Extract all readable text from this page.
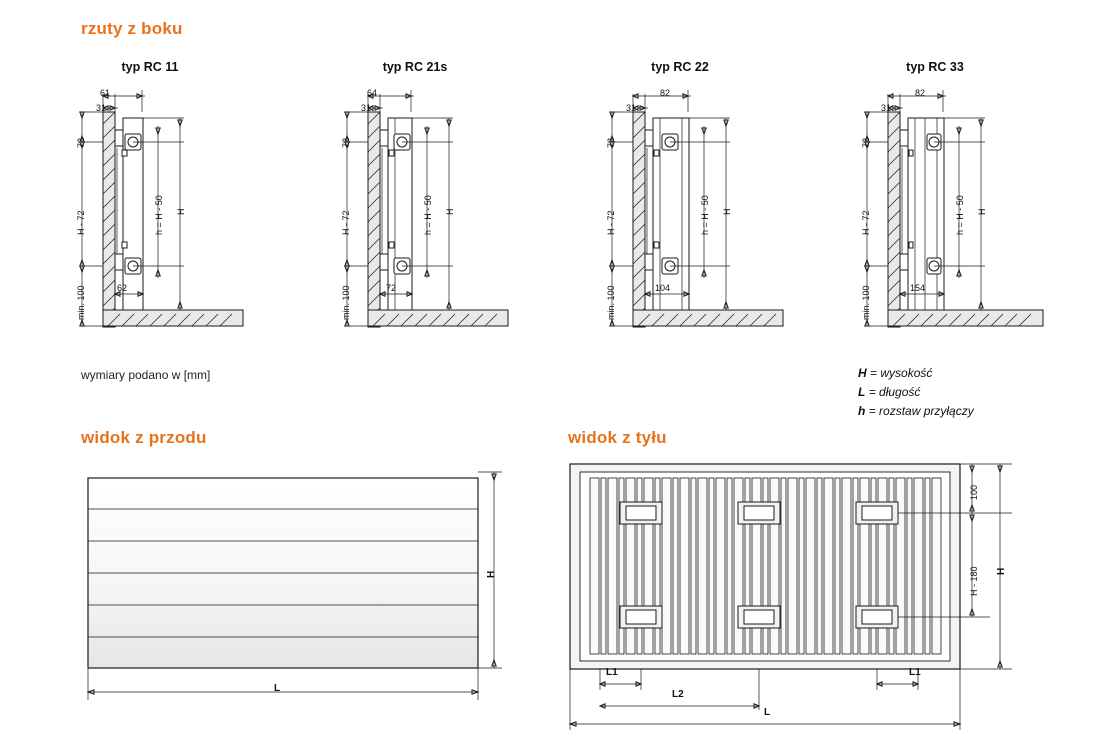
rzuty z boku
typ RC 11
61
31
72
H - 72
min. 100
h = H - 50 H
62
typ RC 21s
64
31
72
H - 72
min. 100
h = H - 50 H
72
typ RC 22
82
31
72
H - 72
min. 100
h = H - 50 H
104
typ RC 33
82
31
72
H - 72
min. 100
h = H - 50 H
154
wymiary podano w [mm]	H = wysokość
L = długość
h = rozstaw przyłączy
widok z przodu
H
L
widok z tyłu
100
H - 180 H
L1	L1
L2
L
